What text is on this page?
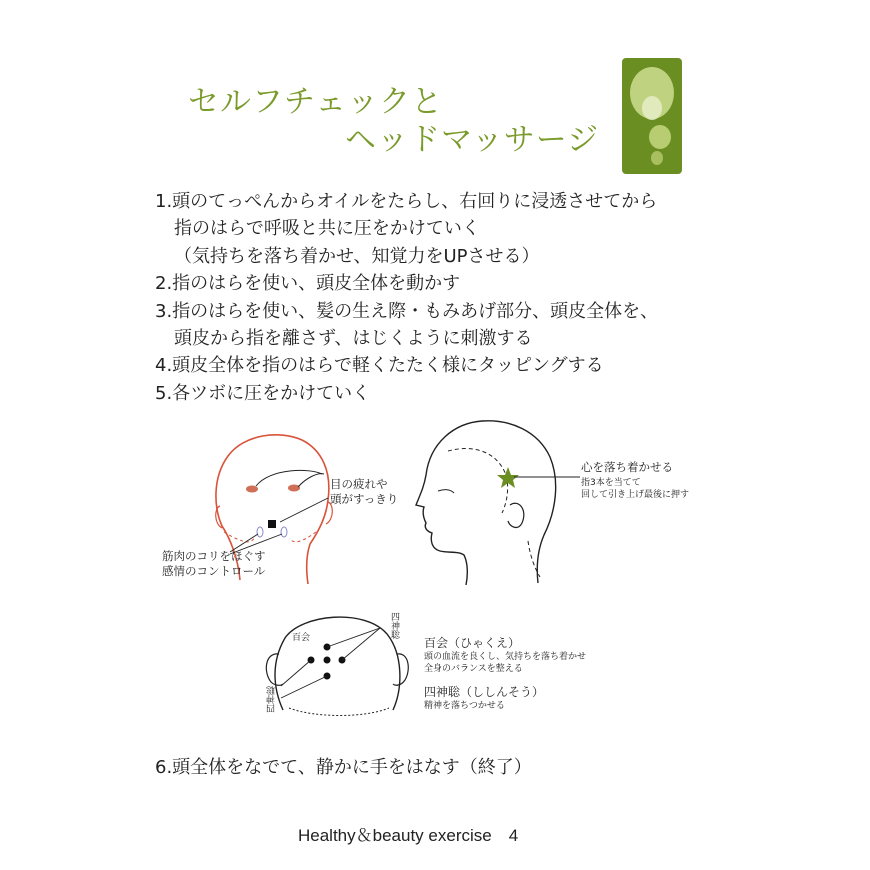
セルフチェックと
ヘッドマッサージ
1.頭のてっぺんからオイルをたらし、右回りに浸透させてから
指のはらで呼吸と共に圧をかけていく
（気持ちを落ち着かせ、知覚力をUPさせる）
2.指のはらを使い、頭皮全体を動かす
3.指のはらを使い、髪の生え際・もみあげ部分、頭皮全体を、
頭皮から指を離さず、はじくように刺激する
4.頭皮全体を指のはらで軽くたたく様にタッピングする
5.各ツボに圧をかけていく
目の疲れや
頭がすっきり
筋肉のコリをほぐす
感情のコントロール
心を落ち着かせる
指3本を当てて
回して引き上げ最後に押す
百会	四神聡
四神聡
百会（ひゃくえ）
頭の血流を良くし、気持ちを落ち着かせ
全身のバランスを整える
四神聡（ししんそう）
精神を落ちつかせる
6.頭全体をなでて、静かに手をはなす（終了）
Healthy＆beauty exercise　4
